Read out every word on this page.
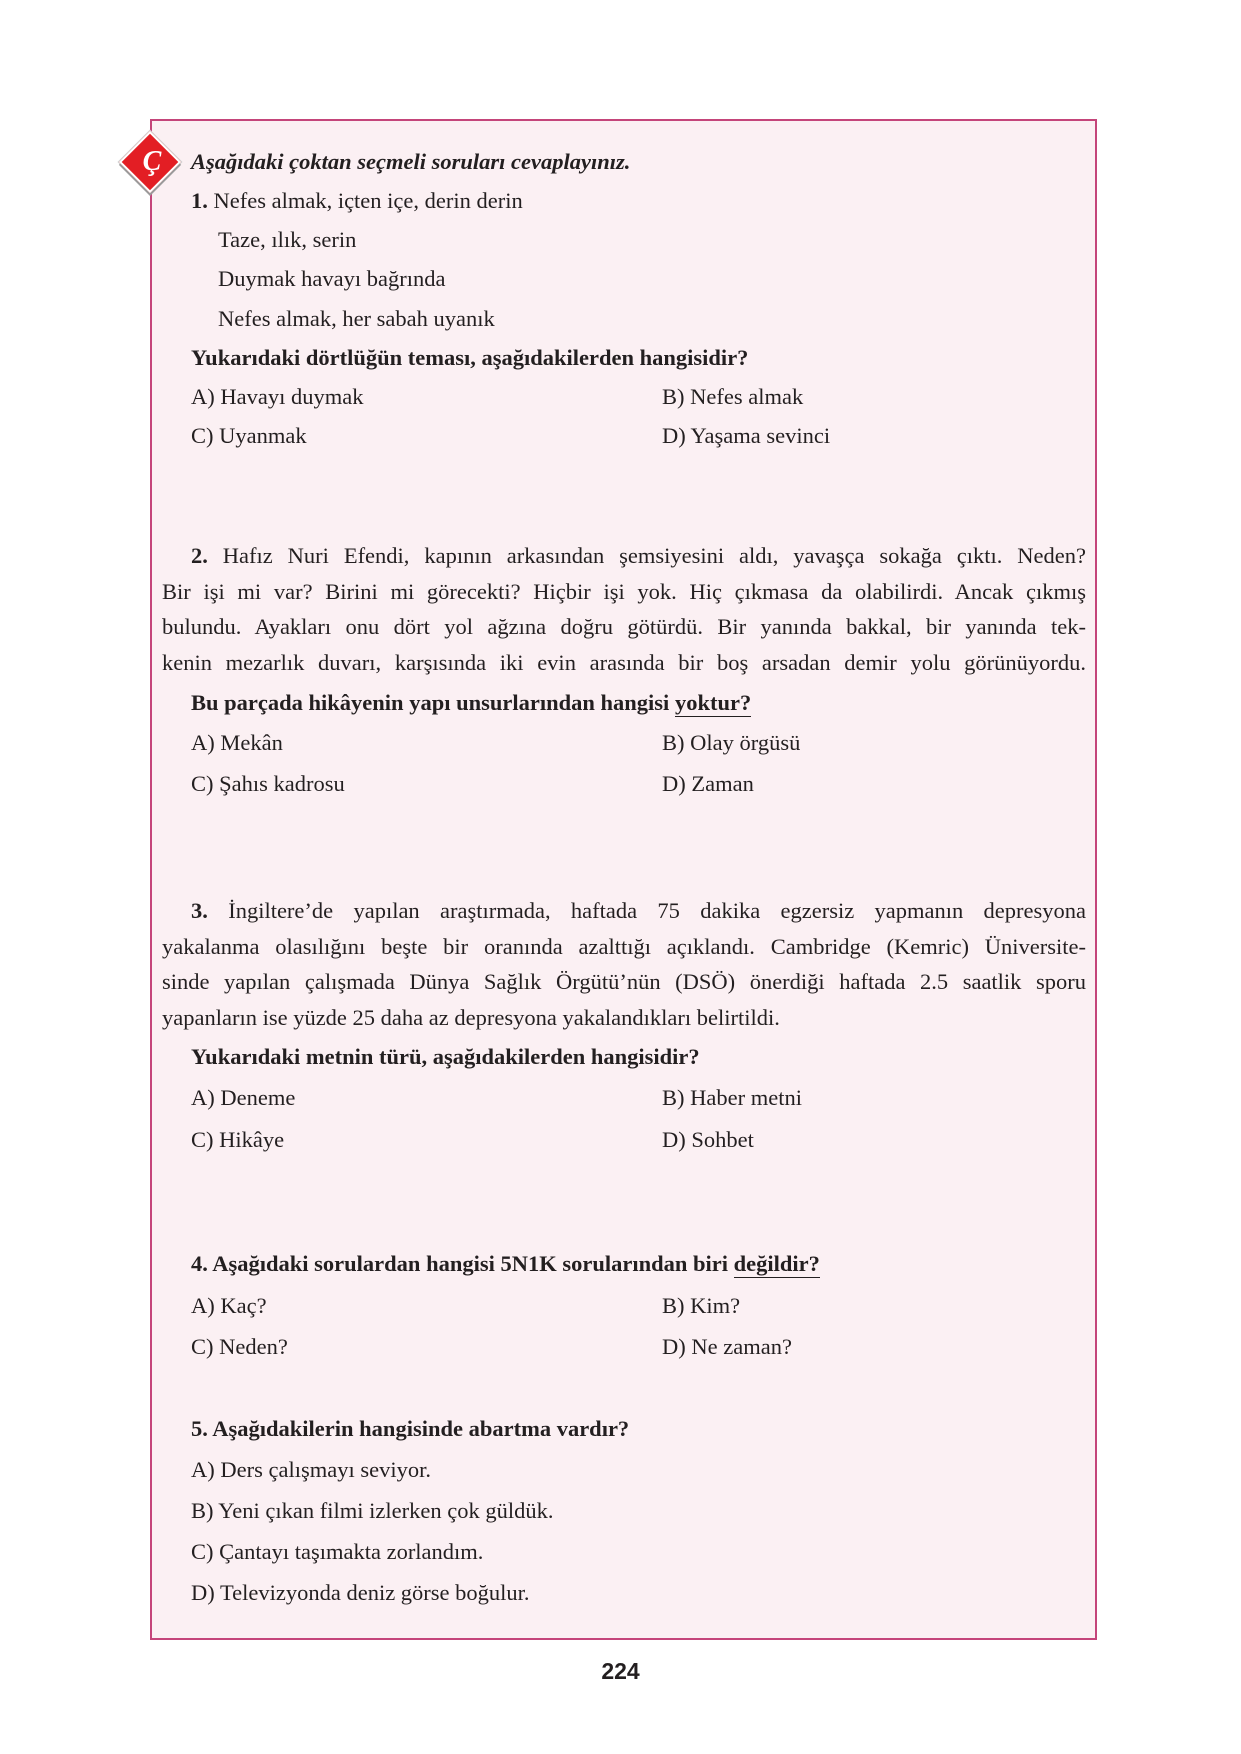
Ç	Aşağıdaki çoktan seçmeli soruları cevaplayınız.
1. Nefes almak, içten içe, derin derin
Taze, ılık, serin
Duymak havayı bağrında
Nefes almak, her sabah uyanık
Yukarıdaki dörtlüğün teması, aşağıdakilerden hangisidir?
A) Havayı duymak	B) Nefes almak
C) Uyanmak	D) Yaşama sevinci
2. Hafız Nuri Efendi, kapının arkasından şemsiyesini aldı, yavaşça sokağa çıktı. Neden?
Bir işi mi var? Birini mi görecekti? Hiçbir işi yok. Hiç çıkmasa da olabilirdi. Ancak çıkmış
bulundu. Ayakları onu dört yol ağzına doğru götürdü. Bir yanında bakkal, bir yanında tek-
kenin mezarlık duvarı, karşısında iki evin arasında bir boş arsadan demir yolu görünüyordu.
Bu parçada hikâyenin yapı unsurlarından hangisi yoktur?
A) Mekân	B) Olay örgüsü
C) Şahıs kadrosu	D) Zaman
3. İngiltere’de yapılan araştırmada, haftada 75 dakika egzersiz yapmanın depresyona
yakalanma olasılığını beşte bir oranında azalttığı açıklandı. Cambridge (Kemric) Üniversite-
sinde yapılan çalışmada Dünya Sağlık Örgütü’nün (DSÖ) önerdiği haftada 2.5 saatlik sporu
yapanların ise yüzde 25 daha az depresyona yakalandıkları belirtildi.
Yukarıdaki metnin türü, aşağıdakilerden hangisidir?
A) Deneme	B) Haber metni
C) Hikâye	D) Sohbet
4. Aşağıdaki sorulardan hangisi 5N1K sorularından biri değildir?
A) Kaç?	B) Kim?
C) Neden?	D) Ne zaman?
5. Aşağıdakilerin hangisinde abartma vardır?
A) Ders çalışmayı seviyor.
B) Yeni çıkan filmi izlerken çok güldük.
C) Çantayı taşımakta zorlandım.
D) Televizyonda deniz görse boğulur.
224
